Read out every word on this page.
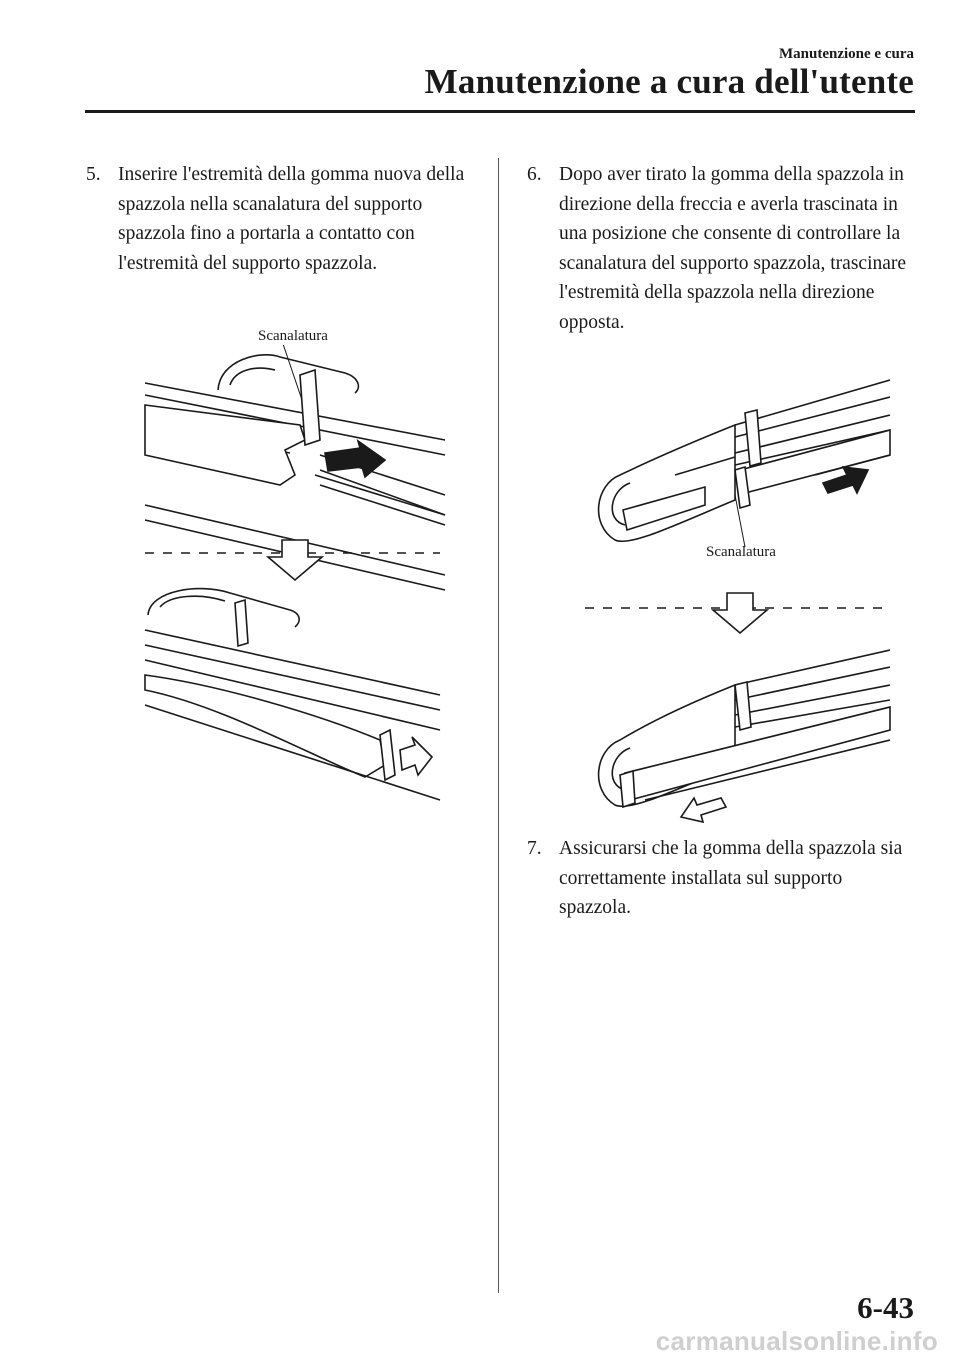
Manutenzione e cura
Manutenzione a cura dell'utente
5. Inserire l'estremità della gomma nuova della spazzola nella scanalatura del supporto spazzola fino a portarla a contatto con l'estremità del supporto spazzola.
6. Dopo aver tirato la gomma della spazzola in direzione della freccia e averla trascinata in una posizione che consente di controllare la scanalatura del supporto spazzola, trascinare l'estremità della spazzola nella direzione opposta.
7. Assicurarsi che la gomma della spazzola sia correttamente installata sul supporto spazzola.
Scanalatura
Scanalatura
6-43
carmanualsonline.info
